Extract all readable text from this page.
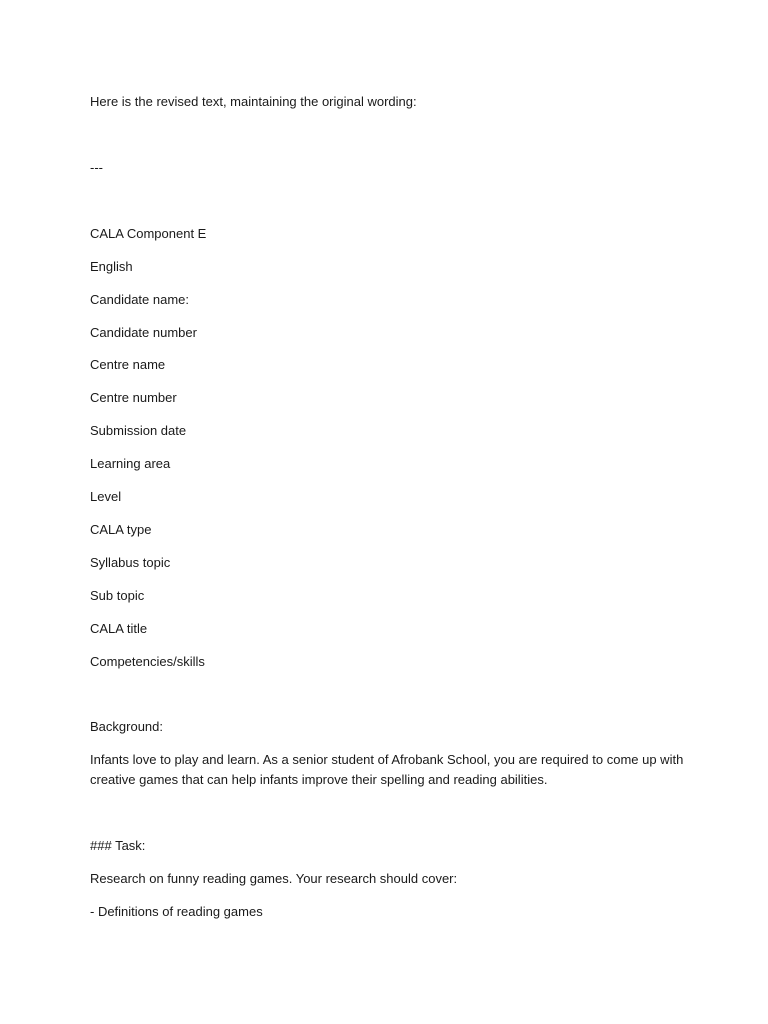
Here is the revised text, maintaining the original wording:
---
CALA Component E
English
Candidate name:
Candidate number
Centre name
Centre number
Submission date
Learning area
Level
CALA type
Syllabus topic
Sub topic
CALA title
Competencies/skills
Background:
Infants love to play and learn. As a senior student of Afrobank School, you are required to come up with creative games that can help infants improve their spelling and reading abilities.
### Task:
Research on funny reading games. Your research should cover:
- Definitions of reading games
